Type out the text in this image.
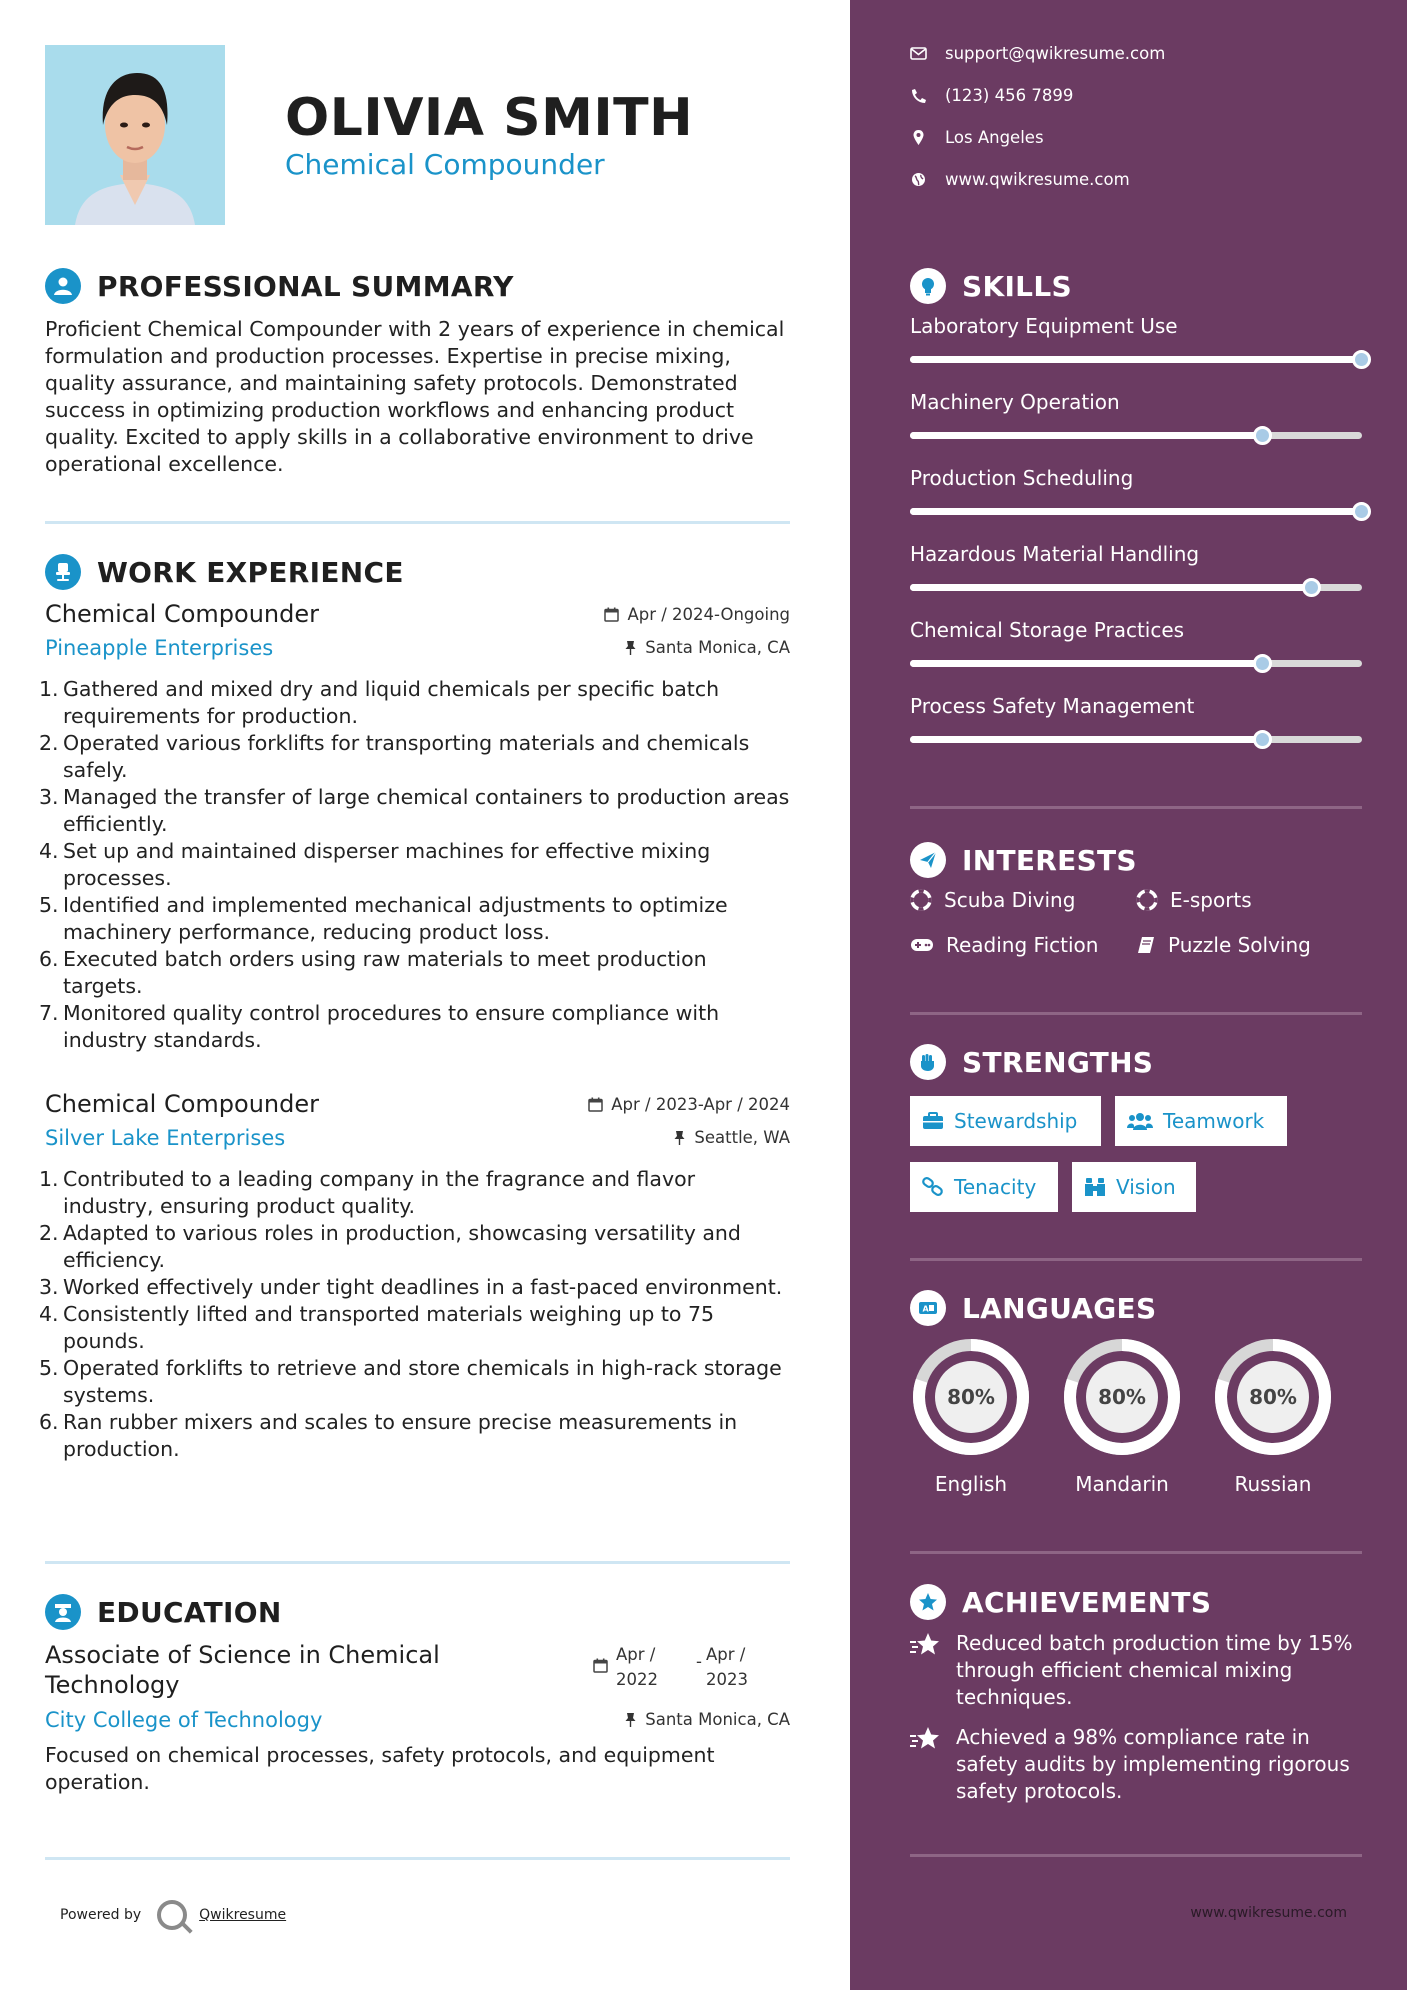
OLIVIA SMITH
Chemical Compounder
PROFESSIONAL SUMMARY
Proficient Chemical Compounder with 2 years of experience in chemical formulation and production processes. Expertise in precise mixing, quality assurance, and maintaining safety protocols. Demonstrated success in optimizing production workflows and enhancing product quality. Excited to apply skills in a collaborative environment to drive operational excellence.
WORK EXPERIENCE
Chemical Compounder
Pineapple Enterprises
Apr / 2024-Ongoing
Santa Monica, CA
1. Gathered and mixed dry and liquid chemicals per specific batch requirements for production.
2. Operated various forklifts for transporting materials and chemicals safely.
3. Managed the transfer of large chemical containers to production areas efficiently.
4. Set up and maintained disperser machines for effective mixing processes.
5. Identified and implemented mechanical adjustments to optimize machinery performance, reducing product loss.
6. Executed batch orders using raw materials to meet production targets.
7. Monitored quality control procedures to ensure compliance with industry standards.
Chemical Compounder
Silver Lake Enterprises
Apr / 2023-Apr / 2024
Seattle, WA
1. Contributed to a leading company in the fragrance and flavor industry, ensuring product quality.
2. Adapted to various roles in production, showcasing versatility and efficiency.
3. Worked effectively under tight deadlines in a fast-paced environment.
4. Consistently lifted and transported materials weighing up to 75 pounds.
5. Operated forklifts to retrieve and store chemicals in high-rack storage systems.
6. Ran rubber mixers and scales to ensure precise measurements in production.
EDUCATION
Associate of Science in Chemical
Technology
City College of Technology
Apr /
2022
- Apr /
2023
Santa Monica, CA
Focused on chemical processes, safety protocols, and equipment operation.
Powered by	Qwikresume
support@qwikresume.com
(123) 456 7899
Los Angeles
www.qwikresume.com
SKILLS
Laboratory Equipment Use
Machinery Operation
Production Scheduling
Hazardous Material Handling
Chemical Storage Practices
Process Safety Management
INTERESTS
Scuba Diving	E-sports
Reading Fiction	Puzzle Solving
STRENGTHS
Stewardship	Teamwork
Tenacity	Vision
A LANGUAGES
80%
English
80%
Mandarin
80%
Russian
ACHIEVEMENTS
Reduced batch production time by 15% through efficient chemical mixing techniques.
Achieved a 98% compliance rate in safety audits by implementing rigorous safety protocols.
www.qwikresume.com
